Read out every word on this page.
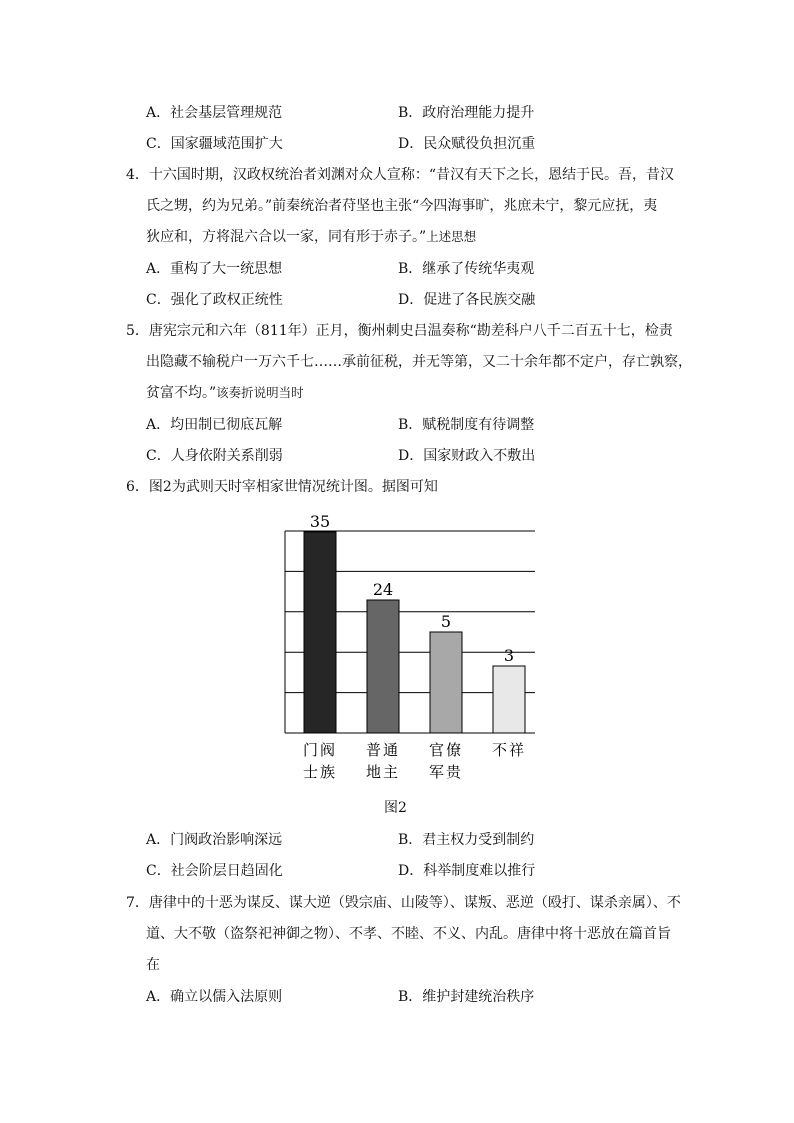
A．社会基层管理规范	B．政府治理能力提升
C．国家疆域范围扩大	D．民众赋役负担沉重
4．十六国时期，汉政权统治者刘渊对众人宣称：“昔汉有天下之长，恩结于民。吾，昔汉
氏之甥，约为兄弟。”前秦统治者苻坚也主张“今四海事旷，兆庶未宁，黎元应抚，夷
狄应和，方将混六合以一家，同有形于赤子。”上述思想
A．重构了大一统思想	B．继承了传统华夷观
C．强化了政权正统性	D．促进了各民族交融
5．唐宪宗元和六年（811年）正月，衡州刺史吕温奏称“勘差科户八千二百五十七，检责
出隐藏不输税户一万六千七……承前征税，并无等第，又二十余年都不定户，存亡孰察，
贫富不均。”该奏折说明当时
A．均田制已彻底瓦解	B．赋税制度有待调整
C．人身依附关系削弱	D．国家财政入不敷出
6．图2为武则天时宰相家世情况统计图。据图可知
35
门阀
士族
24
普通
地主
5
官僚
军贵
3
不祥
图2
A．门阀政治影响深远	B．君主权力受到制约
C．社会阶层日趋固化	D．科举制度难以推行
7．唐律中的十恶为谋反、谋大逆（毁宗庙、山陵等）、谋叛、恶逆（殴打、谋杀亲属）、不
道、大不敬（盗祭祀神御之物）、不孝、不睦、不义、内乱。唐律中将十恶放在篇首旨
在
A．确立以儒入法原则	B．维护封建统治秩序
